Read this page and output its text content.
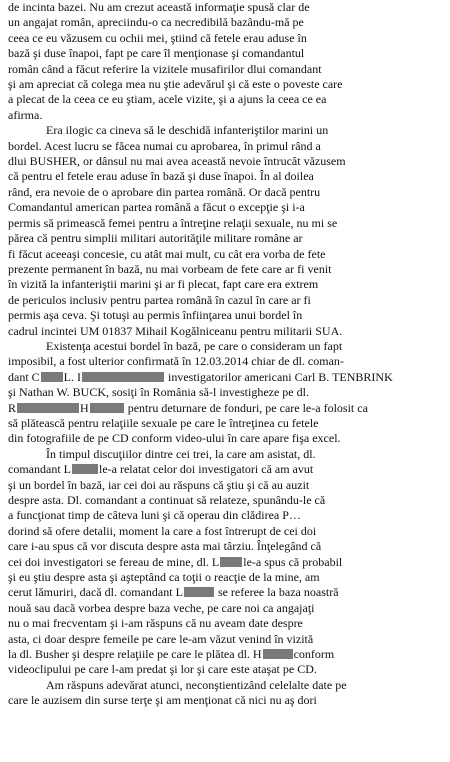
de incinta bazei. Nu am crezut această informaţie spusă clar de
un angajat român, apreciindu-o ca necredibilă bazându-mă pe
ceea ce eu văzusem cu ochii mei, ştiind că fetele erau aduse în
bază şi duse înapoi, fapt pe care îl menţionase şi comandantul
român când a făcut referire la vizitele musafirilor dlui comandant
şi am apreciat că colega mea nu ştie adevărul şi că este o poveste care
a plecat de la ceea ce eu ştiam, acele vizite, şi a ajuns la ceea ce ea
afirma.
Era ilogic ca cineva să le deschidă infanteriştilor marini un
bordel. Acest lucru se făcea numai cu aprobarea, în primul rând a
dlui BUSHER, or dânsul nu mai avea această nevoie întrucât văzusem
că pentru el fetele erau aduse în bază şi duse înapoi. În al doilea
rând, era nevoie de o aprobare din partea română. Or dacă pentru
Comandantul american partea română a făcut o excepţie şi i-a
permis să primească femei pentru a întreţine relaţii sexuale, nu mi se
părea că pentru simplii militari autorităţile militare române ar
fi făcut aceeaşi concesie, cu atât mai mult, cu cât era vorba de fete
prezente permanent în bază, nu mai vorbeam de fete care ar fi venit
în vizită la infanteriştii marini şi ar fi plecat, fapt care era extrem
de periculos inclusiv pentru partea română în cazul în care ar fi
permis aşa ceva. Şi totuşi au permis înfiinţarea unui bordel în
cadrul incintei UM 01837 Mihail Kogălniceanu pentru militarii SUA.
Existenţa acestui bordel în bază, pe care o consideram un fapt
imposibil, a fost ulterior confirmată în 12.03.2014 chiar de dl. coman-
dant C L. I	investigatorilor americani Carl B. TENBRINK
şi Nathan W. BUCK, sosiţi în România să-l investigheze pe dl.
R	H	pentru deturnare de fonduri, pe care le-a folosit ca
să plătească pentru relaţiile sexuale pe care le întreţinea cu fetele
din fotografiile de pe CD conform video-ului în care apare fişa excel.
În timpul discuţiilor dintre cei trei, la care am asistat, dl.
comandant L le-a relatat celor doi investigatori că am avut
şi un bordel în bază, iar cei doi au răspuns că ştiu şi că au auzit
despre asta. Dl. comandant a continuat să relateze, spunându-le că
a funcţionat timp de câteva luni şi că operau din clădirea P…
dorind să ofere detalii, moment la care a fost întrerupt de cei doi
care i-au spus că vor discuta despre asta mai târziu. Înţelegând că
cei doi investigatori se fereau de mine, dl. L le-a spus că probabil
şi eu ştiu despre asta şi aşteptând ca toţii o reacţie de la mine, am
cerut lămuriri, dacă dl. comandant L	se referee la baza noastră
nouă sau dacă vorbea despre baza veche, pe care noi ca angajaţi
nu o mai frecventam şi i-am răspuns că nu aveam date despre
asta, ci doar despre femeile pe care le-am văzut venind în vizită
la dl. Busher şi despre relaţiile pe care le plătea dl. H	conform
videoclipului pe care l-am predat şi lor şi care este ataşat pe CD.
Am răspuns adevărat atunci, neconştientizând celelalte date pe
care le auzisem din surse terţe şi am menţionat că nici nu aş dori
